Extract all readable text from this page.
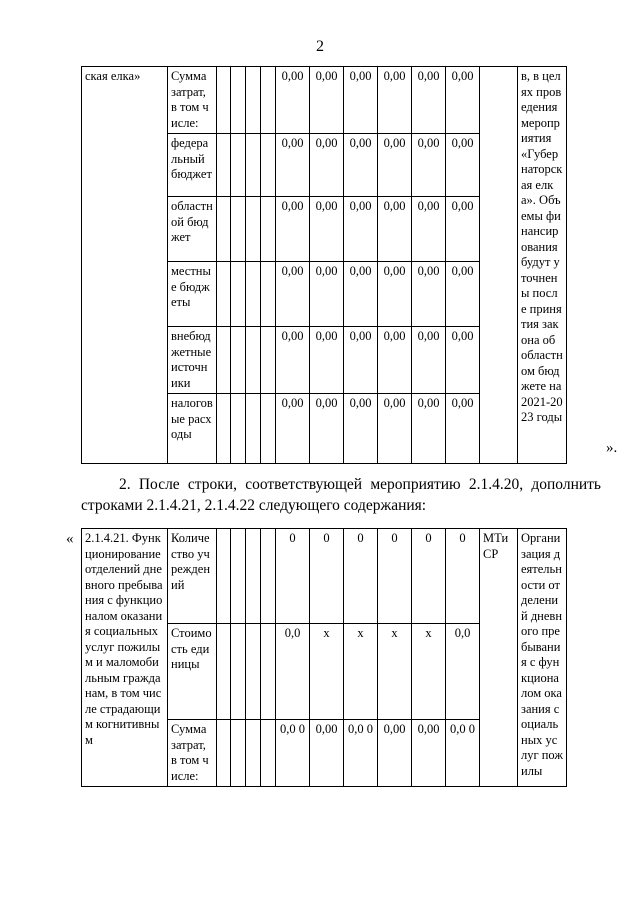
2
ская елка»	Сумма затрат, в том числе:					0,00	0,00	0,00	0,00	0,00	0,00		в, в целях проведения мероприятия «Губернаторская елка». Объемы финансирования будут уточнены после принятия закона об областном бюджете на 2021-2023 годы
	федеральный бюджет					0,00	0,00	0,00	0,00	0,00	0,00		
	областной бюджет					0,00	0,00	0,00	0,00	0,00	0,00		
	местные бюджеты					0,00	0,00	0,00	0,00	0,00	0,00		
	внебюджетные источники					0,00	0,00	0,00	0,00	0,00	0,00		
	налоговые расходы					0,00	0,00	0,00	0,00	0,00	0,00		
».
2. После строки, соответствующей мероприятию 2.1.4.20, дополнить
строками 2.1.4.21, 2.1.4.22 следующего содержания:
« 2.1.4.21. Функционирование отделений дневного пребывания с функционалом оказания социальных услуг пожилым и маломобильным гражданам, в том числе страдающим когнитивным	Количество учреждений					0	0	0	0	0	0	МТиСР	Организация деятельности отделений дневного пребывания с функционалом оказания социальных услуг пожилы
	Стоимость единицы					0,0	х	х	х	х	0,0		
	Сумма затрат, в том числе:					0,0 0	0,00	0,0 0	0,00	0,00	0,0 0		
